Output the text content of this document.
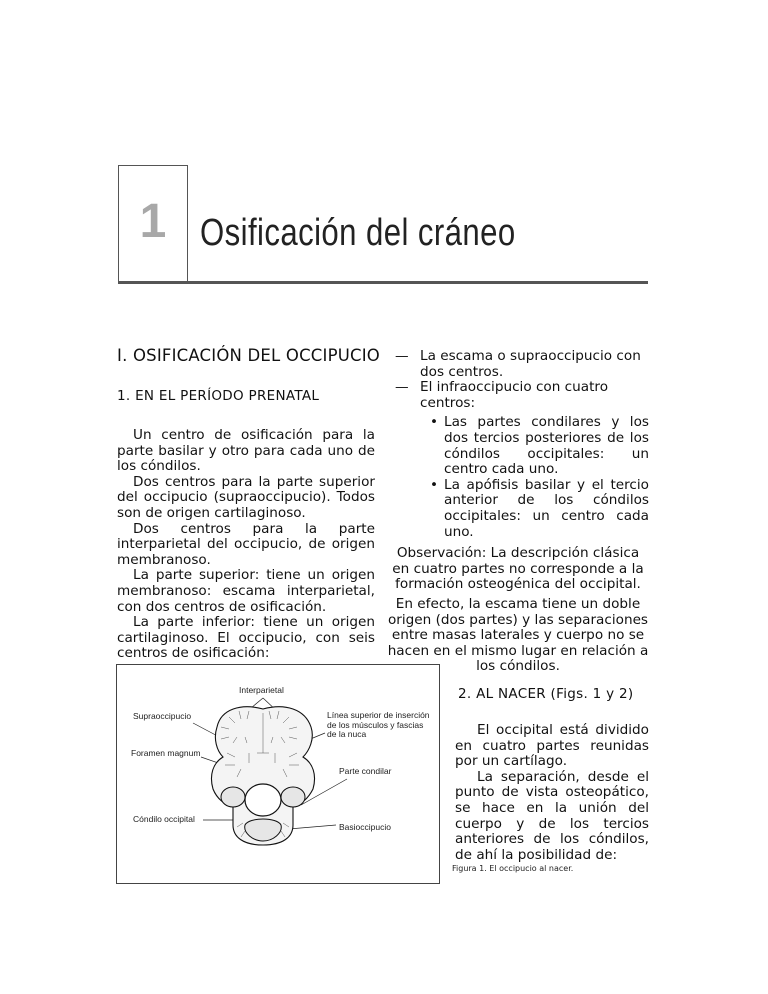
1 Osificación del cráneo
I. OSIFICACIÓN DEL OCCIPUCIO
1. EN EL PERÍODO PRENATAL

Un centro de osificación para la parte basilar y otro para cada uno de los cóndilos.

Dos centros para la parte superior del occipucio (supraoccipucio). Todos son de origen cartilaginoso.

Dos centros para la parte interparietal del occipucio, de origen membranoso.

La parte superior: tiene un origen membranoso: escama interparietal, con dos centros de osificación.

La parte inferior: tiene un origen cartilaginoso. El occipucio, con seis centros de osificación:

— La escama o supraoccipucio con dos centros.

— El infraoccipucio con cuatro centros:

• Las partes condilares y los dos tercios posteriores de los cóndilos occipitales: un centro cada uno.
• La apófisis basilar y el tercio anterior de los cóndilos occipitales: un centro cada uno.

Observación: La descripción clásica en cuatro partes no corresponde a la formación osteogénica del occipital.

En efecto, la escama tiene un doble origen (dos partes) y las separaciones entre masas laterales y cuerpo no se hacen en el mismo lugar en relación a los cóndilos.

Interparietal
Supraoccipucio	Línea superior de inserción de los músculos y fascias de la nuca
Foramen magnum
Parte condilar
Cóndilo occipital
Basioccipucio
2. AL NACER (Figs. 1 y 2)

El occipital está dividido en cuatro partes reunidas por un cartílago.

La separación, desde el punto de vista osteopático, se hace en la unión del cuerpo y de los tercios anteriores de los cóndilos, de ahí la posibilidad de:

Figura 1. El occipucio al nacer.
